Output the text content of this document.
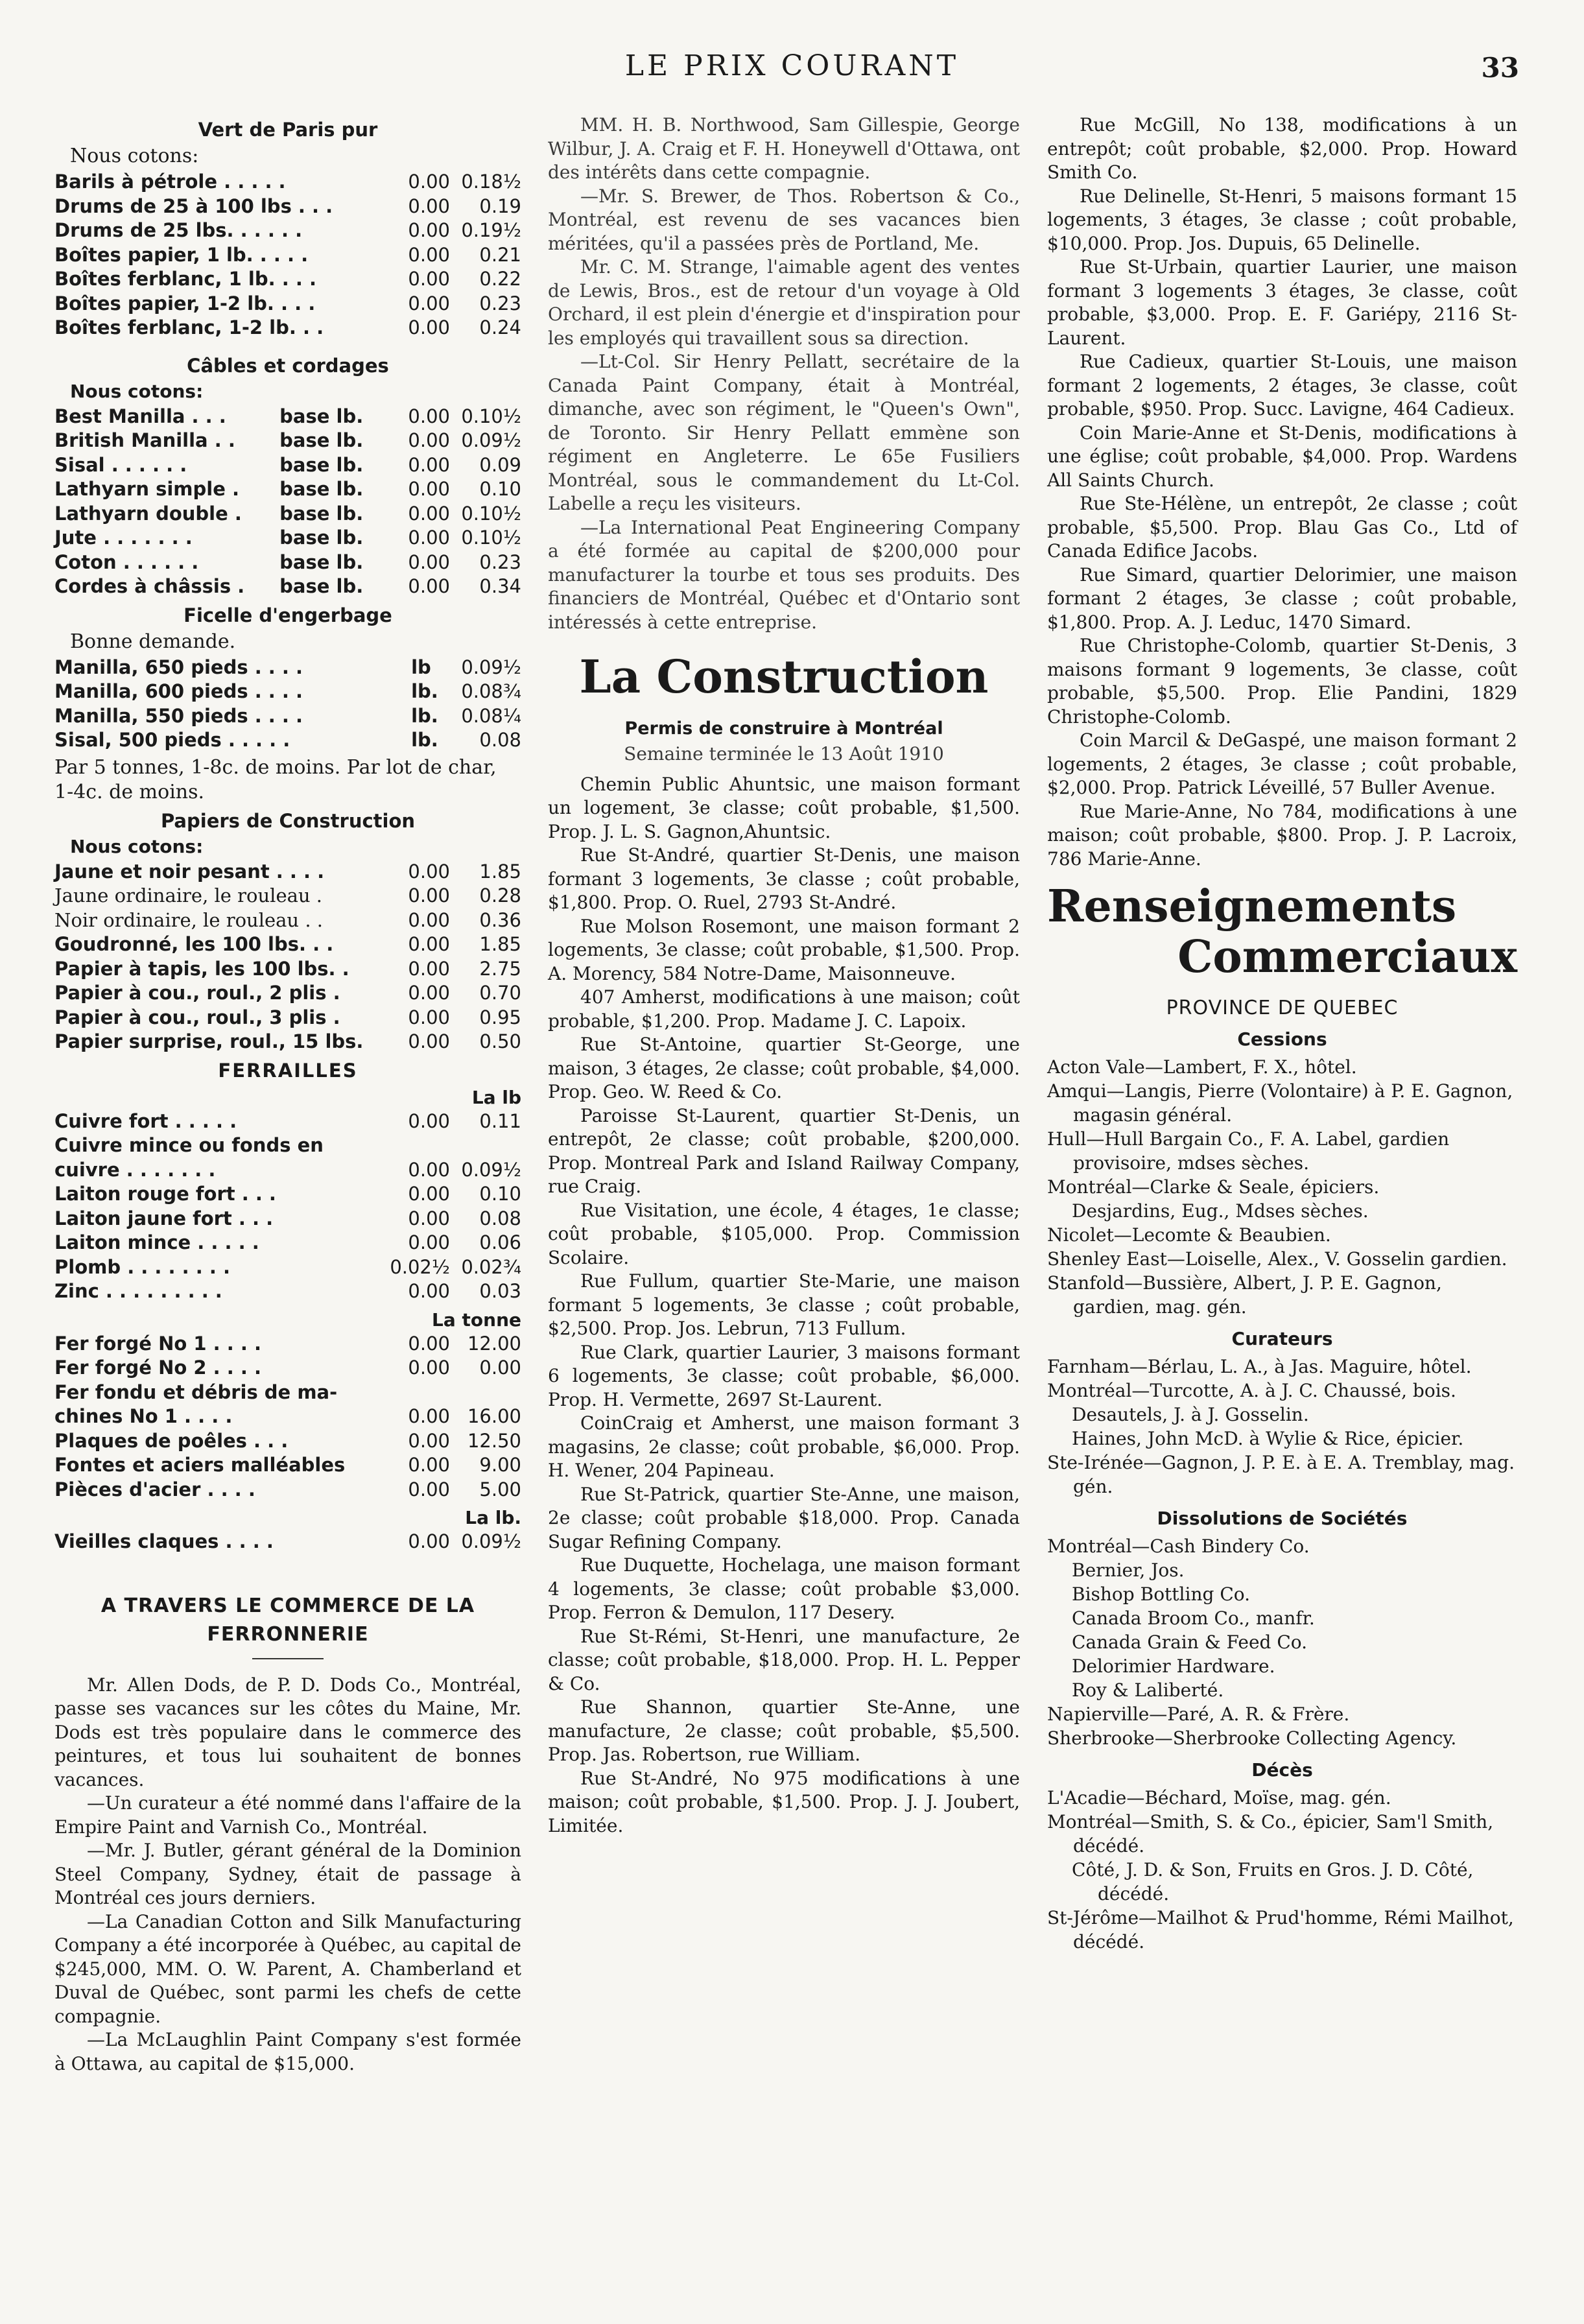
LE PRIX COURANT	33
Vert de Paris pur
Nous cotons:
Barils à pétrole . . . . .	0.00	0.18½
Drums de 25 à 100 lbs . . .	0.00	0.19
Drums de 25 lbs. . . . . .	0.00	0.19½
Boîtes papier, 1 lb. . . . .	0.00	0.21
Boîtes ferblanc, 1 lb. . . .	0.00	0.22
Boîtes papier, 1-2 lb. . . .	0.00	0.23
Boîtes ferblanc, 1-2 lb. . .	0.00	0.24
Câbles et cordages
Nous cotons:
Best Manilla . . .	base lb.	0.00	0.10½
British Manilla . .	base lb.	0.00	0.09½
Sisal . . . . . .	base lb.	0.00	0.09
Lathyarn simple .	base lb.	0.00	0.10
Lathyarn double .	base lb.	0.00	0.10½
Jute . . . . . . .	base lb.	0.00	0.10½
Coton . . . . . .	base lb.	0.00	0.23
Cordes à châssis .	base lb.	0.00	0.34
Ficelle d'engerbage
Bonne demande.
Manilla, 650 pieds . . . .	lb	0.09½
Manilla, 600 pieds . . . .	lb.	0.08¾
Manilla, 550 pieds . . . .	lb.	0.08¼
Sisal, 500 pieds . . . . .	lb.	0.08
Par 5 tonnes, 1-8c. de moins. Par lot de char, 1-4c. de moins.
Papiers de Construction
Nous cotons:
Jaune et noir pesant . . . .	0.00	1.85
Jaune ordinaire, le rouleau .	0.00	0.28
Noir ordinaire, le rouleau . .	0.00	0.36
Goudronné, les 100 lbs. . .	0.00	1.85
Papier à tapis, les 100 lbs. .	0.00	2.75
Papier à cou., roul., 2 plis .	0.00	0.70
Papier à cou., roul., 3 plis .	0.00	0.95
Papier surprise, roul., 15 lbs.	0.00	0.50
FERRAILLES
La lb
Cuivre fort . . . . .	0.00	0.11
Cuivre mince ou fonds en		
cuivre . . . . . . .	0.00	0.09½
Laiton rouge fort . . .	0.00	0.10
Laiton jaune fort . . .	0.00	0.08
Laiton mince . . . . .	0.00	0.06
Plomb . . . . . . . .	0.02½	0.02¾
Zinc . . . . . . . . .	0.00	0.03
La tonne
Fer forgé No 1 . . . .	0.00	12.00
Fer forgé No 2 . . . .	0.00	0.00
Fer fondu et débris de ma-		
chines No 1 . . . .	0.00	16.00
Plaques de poêles . . .	0.00	12.50
Fontes et aciers malléables	0.00	9.00
Pièces d'acier . . . .	0.00	5.00
La lb.
Vieilles claques . . . .	0.00	0.09½
A TRAVERS LE COMMERCE DE LA FERRONNERIE

Mr. Allen Dods, de P. D. Dods Co., Montréal, passe ses vacances sur les côtes du Maine, Mr. Dods est très populaire dans le commerce des peintures, et tous lui souhaitent de bonnes vacances.

—Un curateur a été nommé dans l'affaire de la Empire Paint and Varnish Co., Montréal.

—Mr. J. Butler, gérant général de la Dominion Steel Company, Sydney, était de passage à Montréal ces jours derniers.

—La Canadian Cotton and Silk Manufacturing Company a été incorporée à Québec, au capital de $245,000, MM. O. W. Parent, A. Chamberland et Duval de Québec, sont parmi les chefs de cette compagnie.

—La McLaughlin Paint Company s'est formée à Ottawa, au capital de $15,000.

MM. H. B. Northwood, Sam Gillespie, George Wilbur, J. A. Craig et F. H. Honeywell d'Ottawa, ont des intérêts dans cette compagnie.

—Mr. S. Brewer, de Thos. Robertson & Co., Montréal, est revenu de ses vacances bien méritées, qu'il a passées près de Portland, Me.

Mr. C. M. Strange, l'aimable agent des ventes de Lewis, Bros., est de retour d'un voyage à Old Orchard, il est plein d'énergie et d'inspiration pour les employés qui travaillent sous sa direction.

—Lt-Col. Sir Henry Pellatt, secrétaire de la Canada Paint Company, était à Montréal, dimanche, avec son régiment, le "Queen's Own", de Toronto. Sir Henry Pellatt emmène son régiment en Angleterre. Le 65e Fusiliers Montréal, sous le commandement du Lt-Col. Labelle a reçu les visiteurs.

—La International Peat Engineering Company a été formée au capital de $200,000 pour manufacturer la tourbe et tous ses produits. Des financiers de Montréal, Québec et d'Ontario sont intéressés à cette entreprise.

La Construction
Permis de construire à Montréal
Semaine terminée le 13 Août 1910

Chemin Public Ahuntsic, une maison formant un logement, 3e classe; coût probable, $1,500. Prop. J. L. S. Gagnon,Ahuntsic.

Rue St-André, quartier St-Denis, une maison formant 3 logements, 3e classe ; coût probable, $1,800. Prop. O. Ruel, 2793 St-André.

Rue Molson Rosemont, une maison formant 2 logements, 3e classe; coût probable, $1,500. Prop. A. Morency, 584 Notre-Dame, Maisonneuve.

407 Amherst, modifications à une maison; coût probable, $1,200. Prop. Madame J. C. Lapoix.

Rue St-Antoine, quartier St-George, une maison, 3 étages, 2e classe; coût probable, $4,000. Prop. Geo. W. Reed & Co.

Paroisse St-Laurent, quartier St-Denis, un entrepôt, 2e classe; coût probable, $200,000. Prop. Montreal Park and Island Railway Company, rue Craig.

Rue Visitation, une école, 4 étages, 1e classe; coût probable, $105,000. Prop. Commission Scolaire.

Rue Fullum, quartier Ste-Marie, une maison formant 5 logements, 3e classe ; coût probable, $2,500. Prop. Jos. Lebrun, 713 Fullum.

Rue Clark, quartier Laurier, 3 maisons formant 6 logements, 3e classe; coût probable, $6,000. Prop. H. Vermette, 2697 St-Laurent.

CoinCraig et Amherst, une maison formant 3 magasins, 2e classe; coût probable, $6,000. Prop. H. Wener, 204 Papineau.

Rue St-Patrick, quartier Ste-Anne, une maison, 2e classe; coût probable $18,000. Prop. Canada Sugar Refining Company.

Rue Duquette, Hochelaga, une maison formant 4 logements, 3e classe; coût probable $3,000. Prop. Ferron & Demulon, 117 Desery.

Rue St-Rémi, St-Henri, une manufacture, 2e classe; coût probable, $18,000. Prop. H. L. Pepper & Co.

Rue Shannon, quartier Ste-Anne, une manufacture, 2e classe; coût probable, $5,500. Prop. Jas. Robertson, rue William.

Rue St-André, No 975 modifications à une maison; coût probable, $1,500. Prop. J. J. Joubert, Limitée.

Rue McGill, No 138, modifications à un entrepôt; coût probable, $2,000. Prop. Howard Smith Co.

Rue Delinelle, St-Henri, 5 maisons formant 15 logements, 3 étages, 3e classe ; coût probable, $10,000. Prop. Jos. Dupuis, 65 Delinelle.

Rue St-Urbain, quartier Laurier, une maison formant 3 logements 3 étages, 3e classe, coût probable, $3,000. Prop. E. F. Gariépy, 2116 St-Laurent.

Rue Cadieux, quartier St-Louis, une maison formant 2 logements, 2 étages, 3e classe, coût probable, $950. Prop. Succ. Lavigne, 464 Cadieux.

Coin Marie-Anne et St-Denis, modifications à une église; coût probable, $4,000. Prop. Wardens All Saints Church.

Rue Ste-Hélène, un entrepôt, 2e classe ; coût probable, $5,500. Prop. Blau Gas Co., Ltd of Canada Edifice Jacobs.

Rue Simard, quartier Delorimier, une maison formant 2 étages, 3e classe ; coût probable, $1,800. Prop. A. J. Leduc, 1470 Simard.

Rue Christophe-Colomb, quartier St-Denis, 3 maisons formant 9 logements, 3e classe, coût probable, $5,500. Prop. Elie Pandini, 1829 Christophe-Colomb.

Coin Marcil & DeGaspé, une maison formant 2 logements, 2 étages, 3e classe ; coût probable, $2,000. Prop. Patrick Léveillé, 57 Buller Avenue.

Rue Marie-Anne, No 784, modifications à une maison; coût probable, $800. Prop. J. P. Lacroix, 786 Marie-Anne.

Renseignements
Commerciaux
PROVINCE DE QUEBEC
Cessions

Acton Vale—Lambert, F. X., hôtel.

Amqui—Langis, Pierre (Volontaire) à P. E. Gagnon, magasin général.

Hull—Hull Bargain Co., F. A. Label, gardien provisoire, mdses sèches.

Montréal—Clarke & Seale, épiciers.

Desjardins, Eug., Mdses sèches.

Nicolet—Lecomte & Beaubien.

Shenley East—Loiselle, Alex., V. Gosselin gardien.

Stanfold—Bussière, Albert, J. P. E. Gagnon, gardien, mag. gén.

Curateurs

Farnham—Bérlau, L. A., à Jas. Maguire, hôtel.

Montréal—Turcotte, A. à J. C. Chaussé, bois.

Desautels, J. à J. Gosselin.

Haines, John McD. à Wylie & Rice, épicier.

Ste-Irénée—Gagnon, J. P. E. à E. A. Tremblay, mag. gén.

Dissolutions de Sociétés

Montréal—Cash Bindery Co.

Bernier, Jos.

Bishop Bottling Co.

Canada Broom Co., manfr.

Canada Grain & Feed Co.

Delorimier Hardware.

Roy & Laliberté.

Napierville—Paré, A. R. & Frère.

Sherbrooke—Sherbrooke Collecting Agency.

Décès

L'Acadie—Béchard, Moïse, mag. gén.

Montréal—Smith, S. & Co., épicier, Sam'l Smith, décédé.

Côté, J. D. & Son, Fruits en Gros. J. D. Côté, décédé.

St-Jérôme—Mailhot & Prud'homme, Rémi Mailhot, décédé.
